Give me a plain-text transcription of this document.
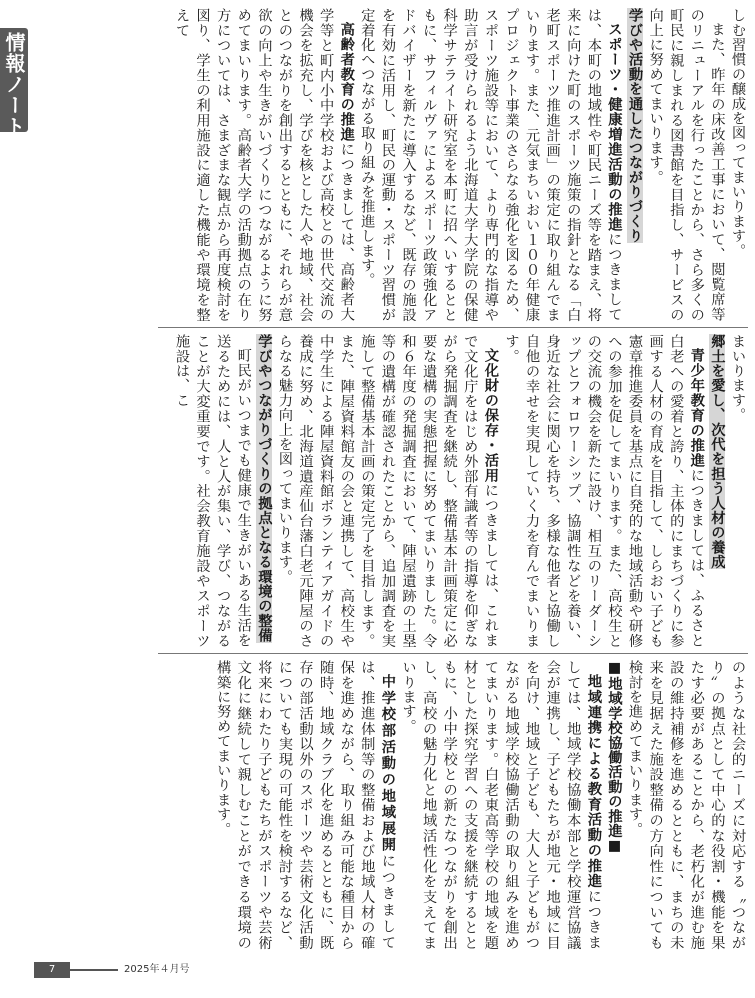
情報ノート	しむ習慣の醸成を図ってまいります。

また、昨年の床改善工事において、閲覧席等のリニューアルを行ったことから、さら多くの町民に親しまれる図書館を目指し、サービスの向上に努めてまいります。

学びや活動を通したつながりづくり

スポーツ・健康増進活動の推進につきましては、本町の地域性や町民ニーズ等を踏まえ、将来に向けた町のスポーツ施策の指針となる「白老町スポーツ推進計画」の策定に取り組んでまいります。また、元気まちいおい１００年健康プロジェクト事業のさらなる強化を図るため、スポーツ施設等において、より専門的な指導や助言が受けられるよう北海道大学大学院の保健科学サテライト研究室を本町に招へいするとともに、サフィルヴァによるスポーツ政策強化アドバイザーを新たに導入するなど、既存の施設を有効に活用し、町民の運動・スポーツ習慣が定着化へつながる取り組みを推進します。

高齢者教育の推進につきましては、高齢者大学等と町内小中学校および高校との世代交流の機会を拡充し、学びを核とした人や地域、社会とのつながりを創出するとともに、それらが意欲の向上や生きがいづくりにつながるように努めてまいります。高齢者大学の活動拠点の在り方については、さまざまな観点から再度検討を図り、学生の利用施設に適した機能や環境を整えて

まいります。

郷土を愛し、次代を担う人材の養成

青少年教育の推進につきましては、ふるさと白老への愛着と誇り、主体的にまちづくりに参画する人材の育成を目指して、しらおい子ども憲章推進委員を基点に自発的な地域活動や研修への参加を促してまいります。また、高校生との交流の機会を新たに設け、相互のリーダーシップとフォロワーシップ、協調性などを養い、身近な社会に関心を持ち、多様な他者と協働し自他の幸せを実現していく力を育んでまいります。

文化財の保存・活用につきましては、これまで文化庁をはじめ外部有識者等の指導を仰ぎながら発掘調査を継続し、整備基本計画策定に必要な遺構の実態把握に努めてまいりました。令和６年度の発掘調査において、陣屋遺跡の土塁等の遺構が確認されたことから、追加調査を実施して整備基本計画の策定完了を目指します。また、陣屋資料館友の会と連携して、高校生や中学生による陣屋資料館ボランティアガイドの養成に努め、北海道遺産仙台藩白老元陣屋のさらなる魅力向上を図ってまいります。

学びやつながりづくりの拠点となる環境の整備

町民がいつまでも健康で生きがいある生活を送るためには、人と人が集い、学び、つながることが大変重要です。社会教育施設やスポーツ施設は、こ

のような社会的ニーズに対応する〝つながり〟の拠点として中心的な役割・機能を果たす必要があることから、老朽化が進む施設の維持補修を進めるとともに、まちの未来を見据えた施設整備の方向性についても検討を進めてまいります。

■地域学校協働活動の推進■

地域連携による教育活動の推進につきましては、地域学校協働本部と学校運営協議会が連携し、子どもたちが地元・地域に目を向け、地域と子ども、大人と子どもがつながる地域学校協働活動の取り組みを進めてまいります。白老東高等学校の地域を題材とした探究学習への支援を継続するとともに、小中学校との新たなつながりを創出し、高校の魅力化と地域活性化を支えてまいります。

中学校部活動の地域展開につきましては、推進体制等の整備および地域人材の確保を進めながら、取り組み可能な種目から随時、地域クラブ化を進めるとともに、既存の部活動以外のスポーツや芸術文化活動についても実現の可能性を検討するなど、将来にわたり子どもたちがスポーツや芸術文化に継続して親しむことができる環境の構築に努めてまいります。

7	2025年４月号
